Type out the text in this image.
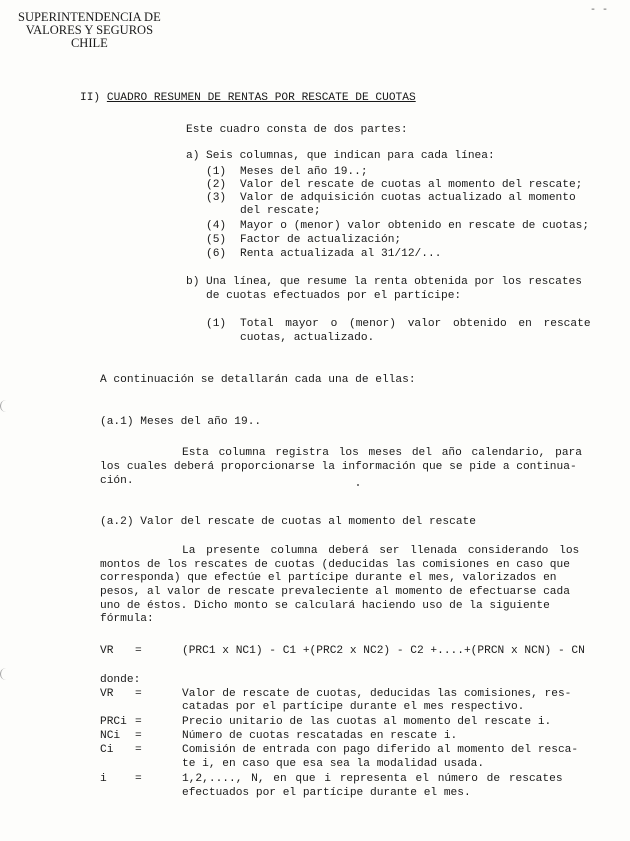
SUPERINTENDENCIA DE
VALORES Y SEGUROS
CHILE
- -
II) CUADRO RESUMEN DE RENTAS POR RESCATE DE CUOTAS
Este cuadro consta de dos partes:
a) Seis columnas, que indican para cada línea:
(1) Meses del año 19..;
(2) Valor del rescate de cuotas al momento del rescate;
(3) Valor de adquisición cuotas actualizado al momento
del rescate;
(4) Mayor o (menor) valor obtenido en rescate de cuotas;
(5) Factor de actualización;
(6) Renta actualizada al 31/12/...
b) Una línea, que resume la renta obtenida por los rescates
de cuotas efectuados por el partícipe:
(1) Total mayor o (menor) valor obtenido en rescate
cuotas, actualizado.
A continuación se detallarán cada una de ellas:
(a.1) Meses del año 19..
Esta columna registra los meses del año calendario, para
los cuales deberá proporcionarse la información que se pide a continua-
ción.
(a.2) Valor del rescate de cuotas al momento del rescate
La presente columna deberá ser llenada considerando los
montos de los rescates de cuotas (deducidas las comisiones en caso que
corresponda) que efectúe el partícipe durante el mes, valorizados en
pesos, al valor de rescate prevaleciente al momento de efectuarse cada
uno de éstos. Dicho monto se calculará haciendo uso de la siguiente
fórmula:
VR =	(PRC1 x NC1) - C1 +(PRC2 x NC2) - C2 +....+(PRCN x NCN) - CN
donde:
VR =	Valor de rescate de cuotas, deducidas las comisiones, res-
catadas por el partícipe durante el mes respectivo.
PRCi =	Precio unitario de las cuotas al momento del rescate i.
NCi =	Número de cuotas rescatadas en rescate i.
Ci =	Comisión de entrada con pago diferido al momento del resca-
te i, en caso que esa sea la modalidad usada.
i	=	1,2,...., N, en que i representa el número de rescates
efectuados por el partícipe durante el mes.
